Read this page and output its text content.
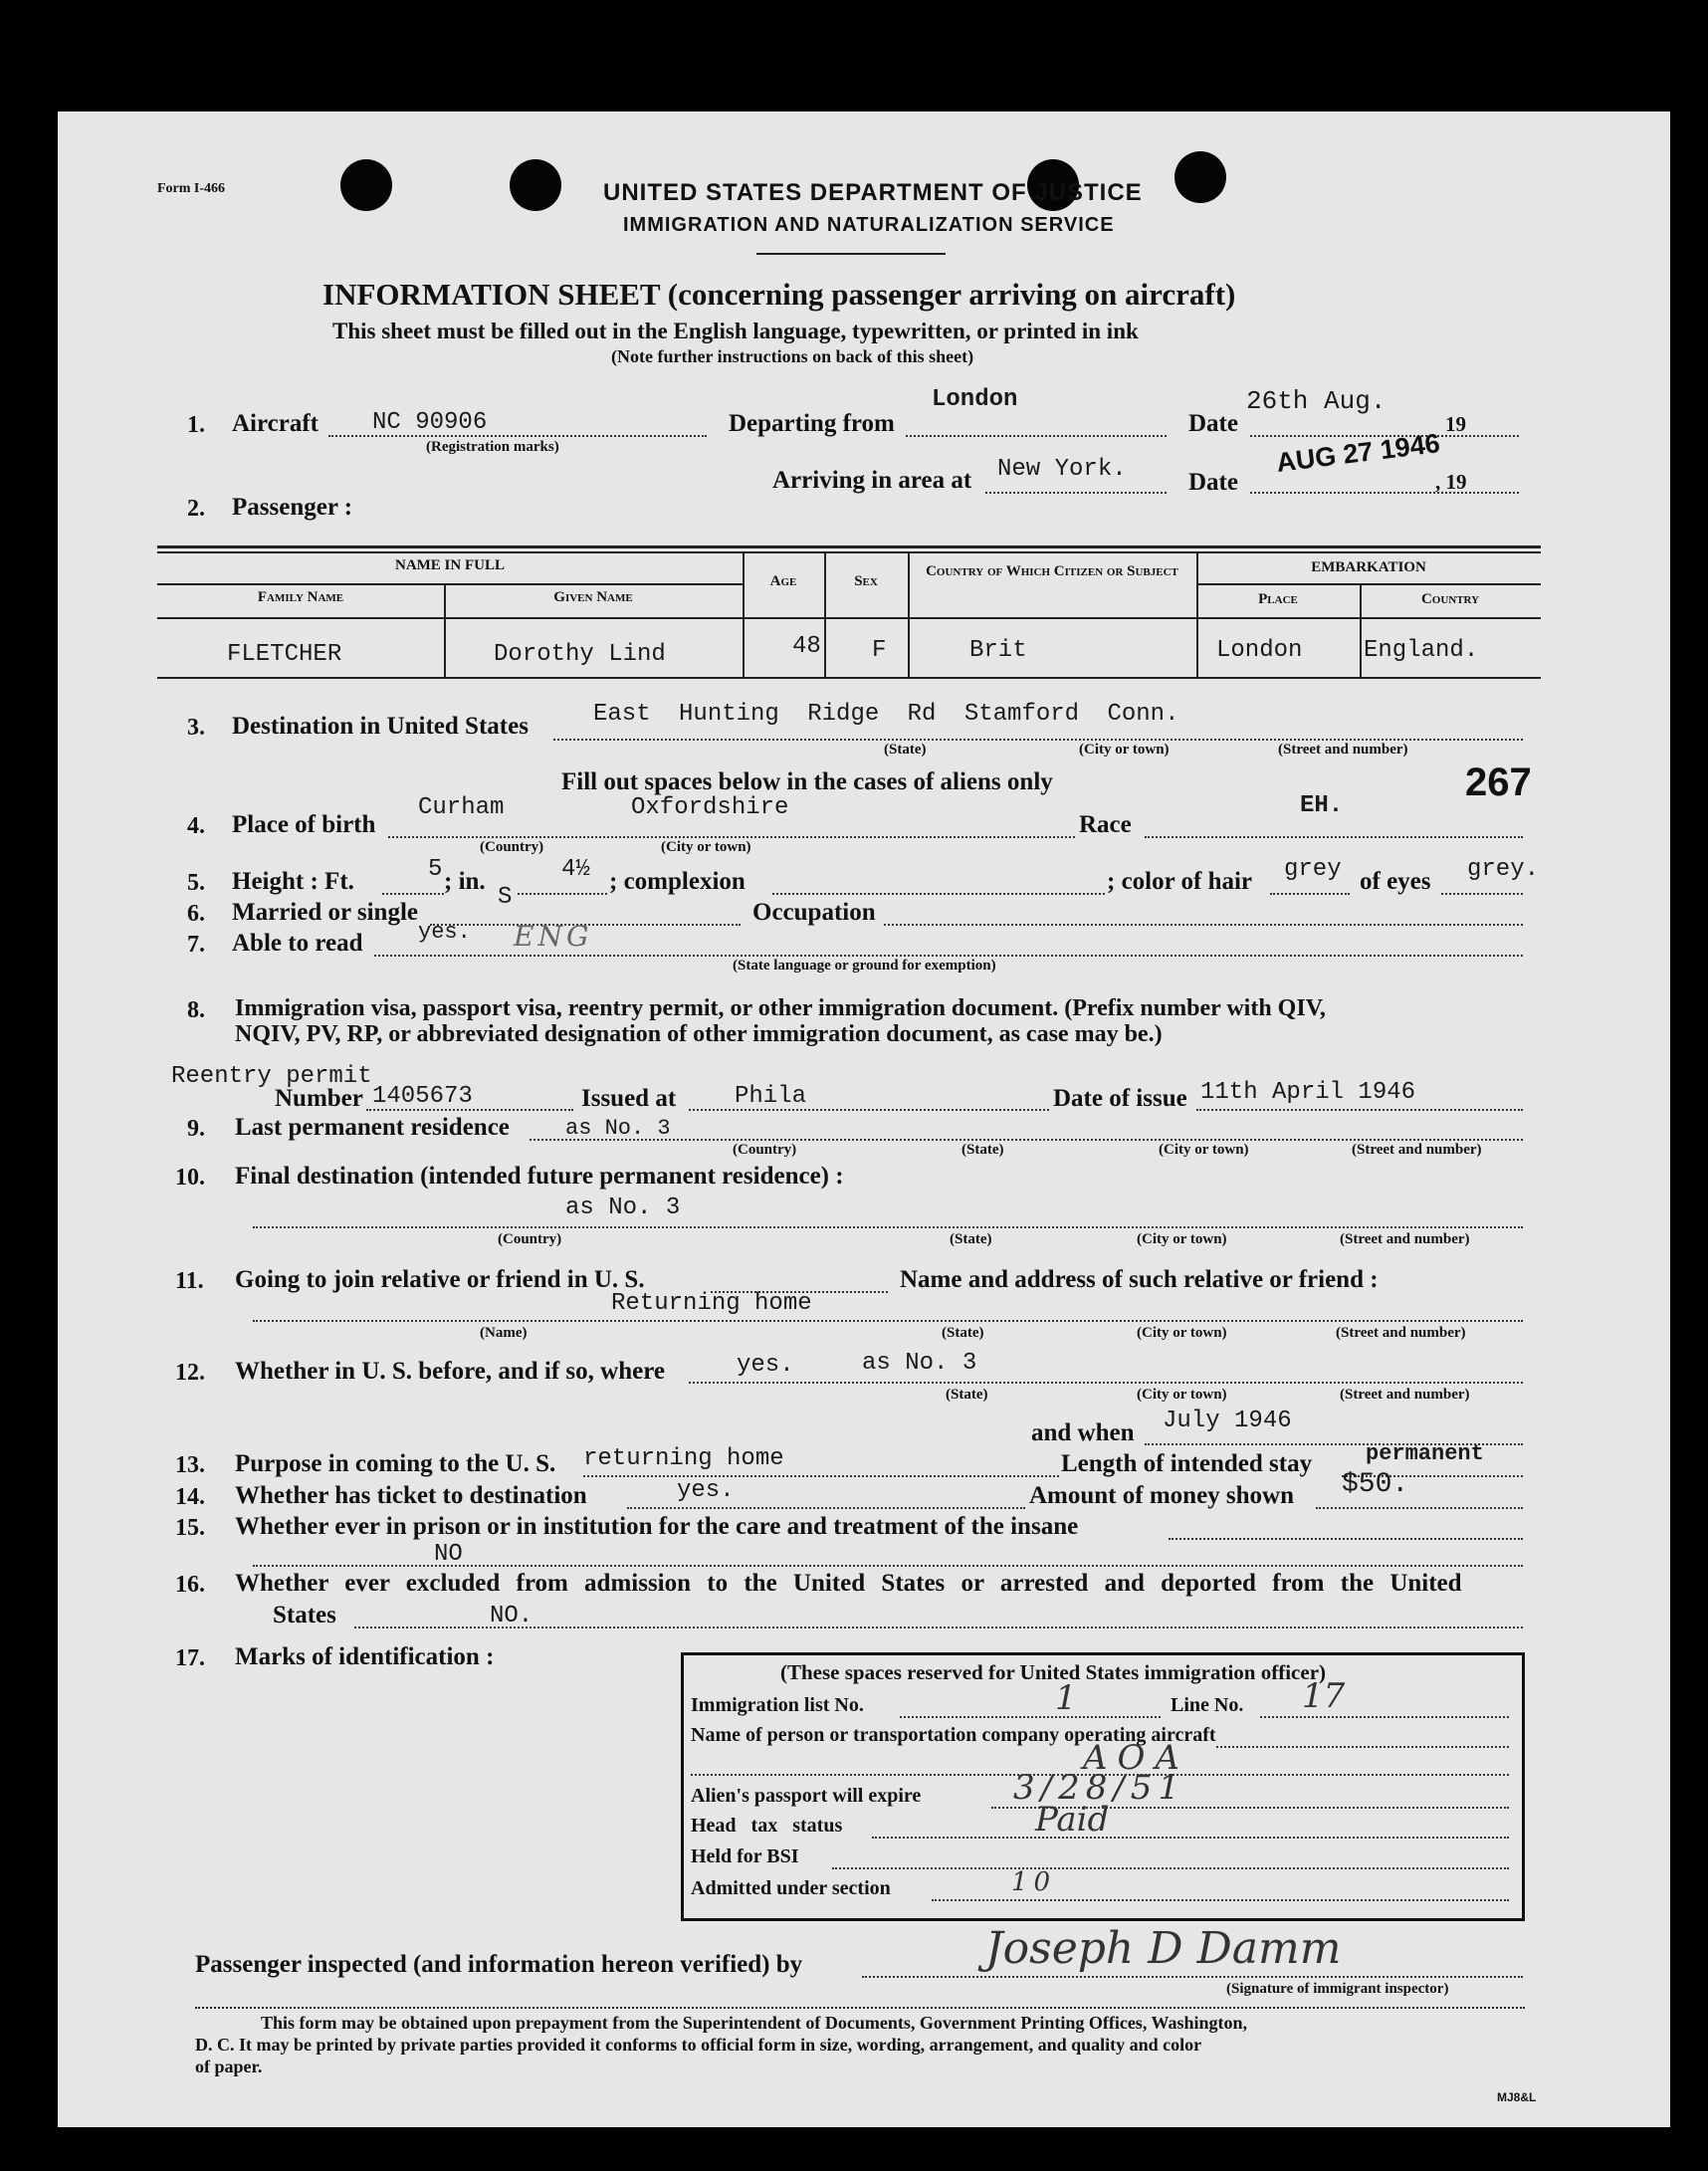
Form I-466	UNITED STATES DEPARTMENT OF JUSTICE
IMMIGRATION AND NATURALIZATION SERVICE
INFORMATION SHEET (concerning passenger arriving on aircraft)
This sheet must be filled out in the English language, typewritten, or printed in ink
(Note further instructions on back of this sheet)
1. Aircraft NC 90906
(Registration marks)
Departing from
London
Date
26th Aug.
19
Arriving in area at New York. Date
AUG 27 1946
, 19
2. Passenger :
NAME IN FULL
Family Name	Given Name
Age	Sex
Country of Which Citizen or Subject	EMBARKATION
Place	Country
FLETCHER	Dorothy Lind	48 F	Brit	London	England.
3. Destination in United States	East Hunting Ridge Rd Stamford Conn.
(State)	(City or town)	(Street and number)
Fill out spaces below in the cases of aliens only	267
4. Place of birth
Curham	Oxfordshire
(Country)	(City or town)
Race
EH.
5. Height : Ft.	5 ; in.	4½ ; complexion	; color of hair grey of eyes grey.
6. Married or single
S
Occupation
7. Able to read	yes. ENG
(State language or ground for exemption)
8. Immigration visa, passport visa, reentry permit, or other immigration document. (Prefix number with QIV,
NQIV, PV, RP, or abbreviated designation of other immigration document, as case may be.)
Reentry permit
Number 1405673	Issued at Phila	Date of issue 11th April 1946
9. Last permanent residence	as No. 3
(Country)	(State)	(City or town)	(Street and number)
10. Final destination (intended future permanent residence) :
as No. 3
(Country)	(State)	(City or town)	(Street and number)
11. Going to join relative or friend in U. S.	Name and address of such relative or friend :
Returning home
(Name)	(State)	(City or town)	(Street and number)
12. Whether in U. S. before, and if so, where	yes.	as No. 3
(State)	(City or town)	(Street and number)
and when July 1946
13. Purpose in coming to the U. S. returning home	Length of intended stay permanent
14. Whether has ticket to destination	yes.	Amount of money shown $50.
15. Whether ever in prison or in institution for the care and treatment of the insane
NO
16. Whether ever excluded from admission to the United States or arrested and deported from the United
States	NO.
17. Marks of identification :
(These spaces reserved for United States immigration officer)
Immigration list No.	1	Line No. 17
Name of person or transportation company operating aircraft
AOA
Alien's passport will expire	3/28/51
Head tax status	Paid
Held for BSI
Admitted under section	10
Passenger inspected (and information hereon verified) by	Joseph D Damm
(Signature of immigrant inspector)
This form may be obtained upon prepayment from the Superintendent of Documents, Government Printing Offices, Washington,
D. C. It may be printed by private parties provided it conforms to official form in size, wording, arrangement, and quality and color
of paper.
MJ8&L
